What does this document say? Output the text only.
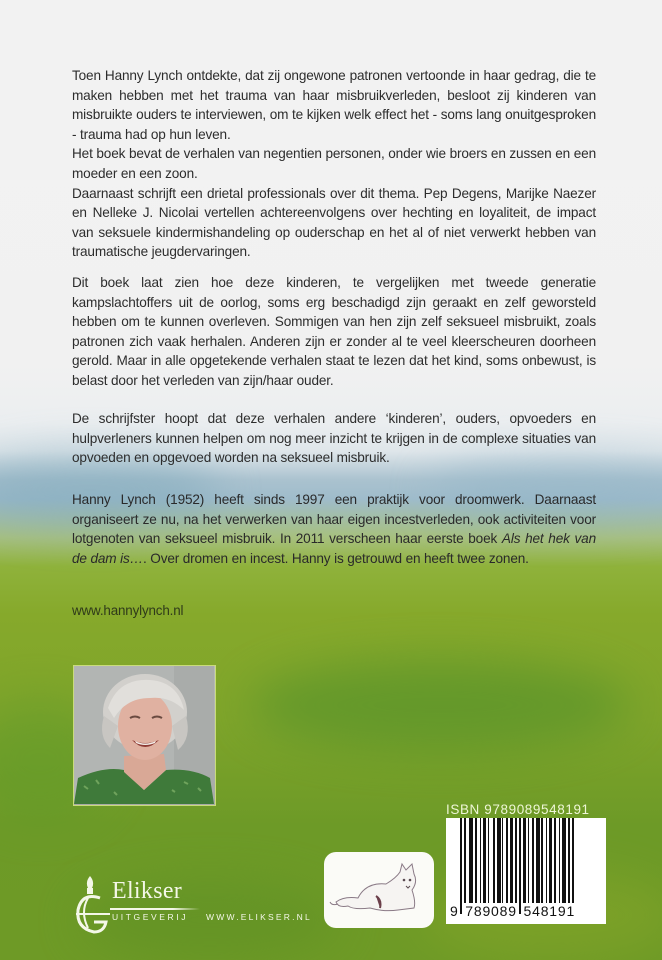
Toen Hanny Lynch ontdekte, dat zij ongewone patronen vertoonde in haar gedrag, die te maken hebben met het trauma van haar misbruikverleden, besloot zij kinderen van misbruikte ouders te interviewen, om te kijken welk effect het - soms lang onuitgesproken - trauma had op hun leven.

Het boek bevat de verhalen van negentien personen, onder wie broers en zussen en een moeder en een zoon.

Daarnaast schrijft een drietal professionals over dit thema. Pep Degens, Marijke Naezer en Nelleke J. Nicolai vertellen achtereenvolgens over hechting en loyaliteit, de impact van seksuele kindermishandeling op ouderschap en het al of niet verwerkt hebben van traumatische jeugdervaringen.

Dit boek laat zien hoe deze kinderen, te vergelijken met tweede generatie kampslachtoffers uit de oorlog, soms erg beschadigd zijn geraakt en zelf geworsteld hebben om te kunnen overleven. Sommigen van hen zijn zelf seksueel misbruikt, zoals patronen zich vaak herhalen. Anderen zijn er zonder al te veel kleerscheuren doorheen gerold. Maar in alle opgetekende verhalen staat te lezen dat het kind, soms onbewust, is belast door het verleden van zijn/haar ouder.

De schrijfster hoopt dat deze verhalen andere ‘kinderen’, ouders, opvoeders en hulpverleners kunnen helpen om nog meer inzicht te krijgen in de complexe situaties van opvoeden en opgevoed worden na seksueel misbruik.

Hanny Lynch (1952) heeft sinds 1997 een praktijk voor droomwerk. Daarnaast organiseert ze nu, na het verwerken van haar eigen incestverleden, ook activiteiten voor lotgenoten van seksueel misbruik. In 2011 verscheen haar eerste boek Als het hek van de dam is…. Over dromen en incest. Hanny is getrouwd en heeft twee zonen.

www.hannylynch.nl

Elikser
UITGEVERIJ WWW.ELIKSER.NL
ISBN 9789089548191
9 789089 548191
